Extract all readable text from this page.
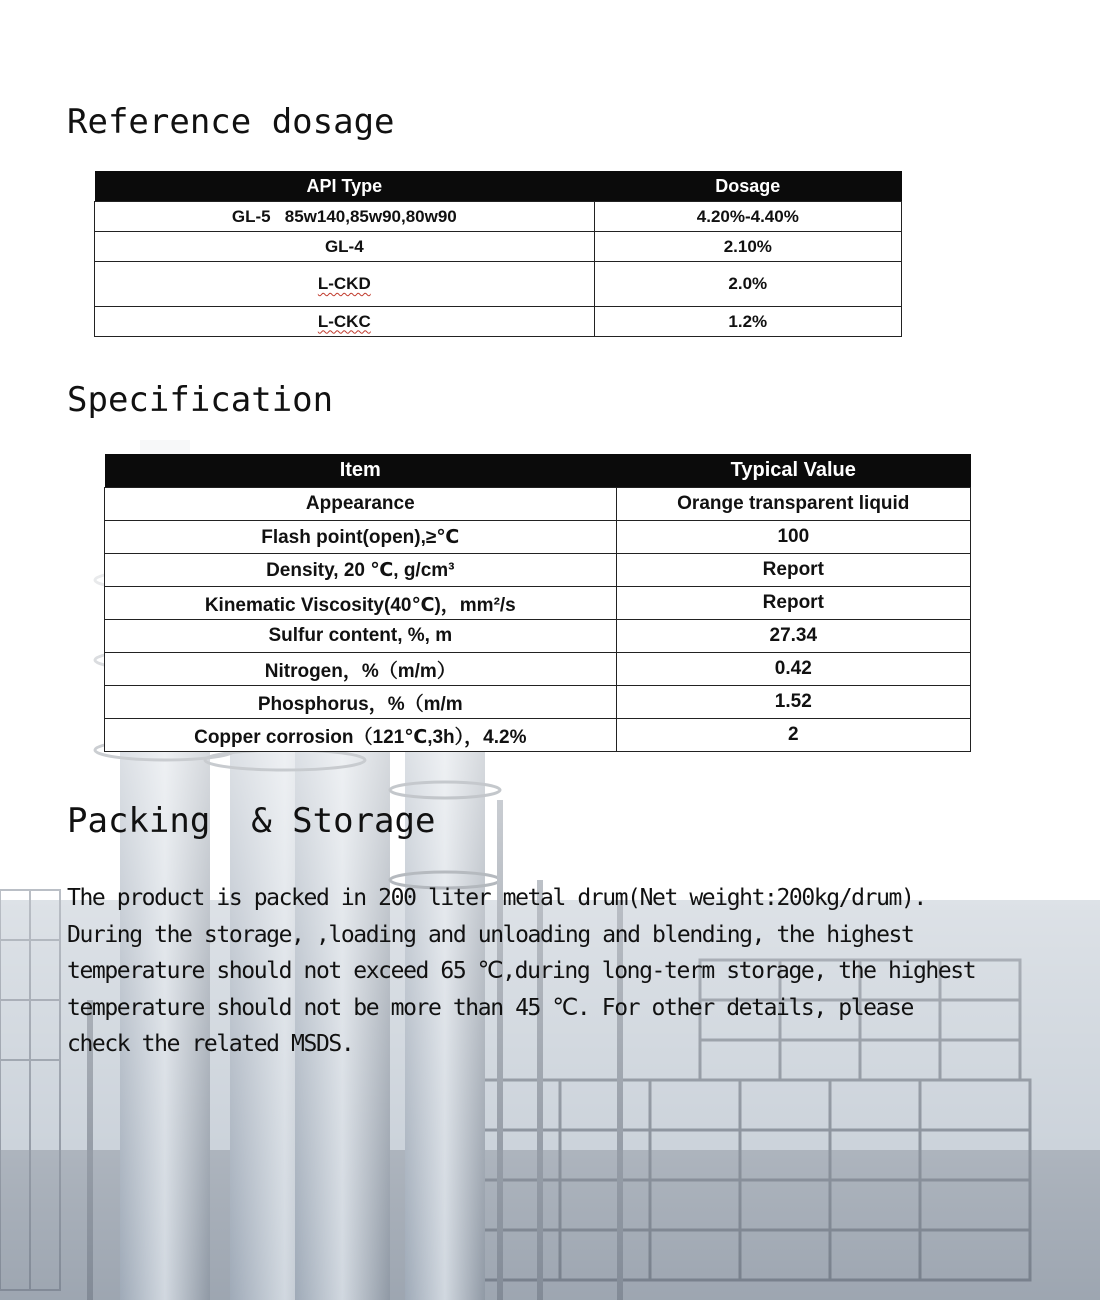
Reference dosage
API Type	Dosage
GL-5   85w140,85w90,80w90	4.20%-4.40%
GL-4	2.10%
L-CKD	2.0%
L-CKC	1.2%
Specification
Item	Typical Value
Appearance	Orange transparent liquid
Flash point(open),≥℃	100
Density, 20 ℃, g/cm³	Report
Kinematic Viscosity(40℃)，mm²/s	Report
Sulfur content, %, m	27.34
Nitrogen，%（m/m）	0.42
Phosphorus，%（m/m	1.52
Copper corrosion（121℃,3h），4.2%	2
Packing  & Storage
The product is packed in 200 liter metal drum(Net weight:200kg/drum).
During the storage, ,loading and unloading and blending, the highest
temperature should not exceed 65 ℃,during long-term storage, the highest
temperature should not be more than 45 ℃. For other details, please
check the related MSDS.
